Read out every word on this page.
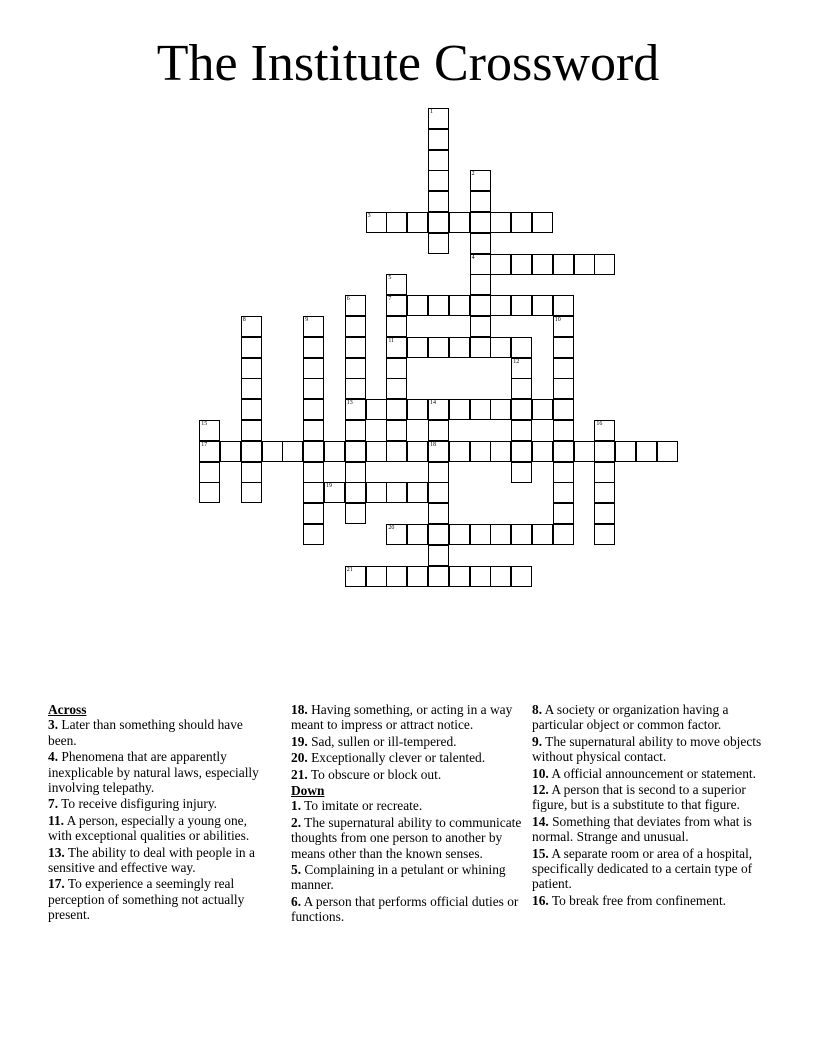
The Institute Crossword
3
4
7
11
13	14
17	18
19
20
21
1
2
5
6
8	9	10
12
15	16
Across
3. Later than something should have been.
4. Phenomena that are apparently inexplicable by natural laws, especially involving telepathy.
7. To receive disfiguring injury.
11. A person, especially a young one, with exceptional qualities or abilities.
13. The ability to deal with people in a sensitive and effective way.
17. To experience a seemingly real perception of something not actually present.
18. Having something, or acting in a way meant to impress or attract notice.
19. Sad, sullen or ill-tempered.
20. Exceptionally clever or talented.
21. To obscure or block out.
Down
1. To imitate or recreate.
2. The supernatural ability to communicate thoughts from one person to another by means other than the known senses.
5. Complaining in a petulant or whining manner.
6. A person that performs official duties or functions.
8. A society or organization having a particular object or common factor.
9. The supernatural ability to move objects without physical contact.
10. A official announcement or statement.
12. A person that is second to a superior figure, but is a substitute to that figure.
14. Something that deviates from what is normal. Strange and unusual.
15. A separate room or area of a hospital, specifically dedicated to a certain type of patient.
16. To break free from confinement.
